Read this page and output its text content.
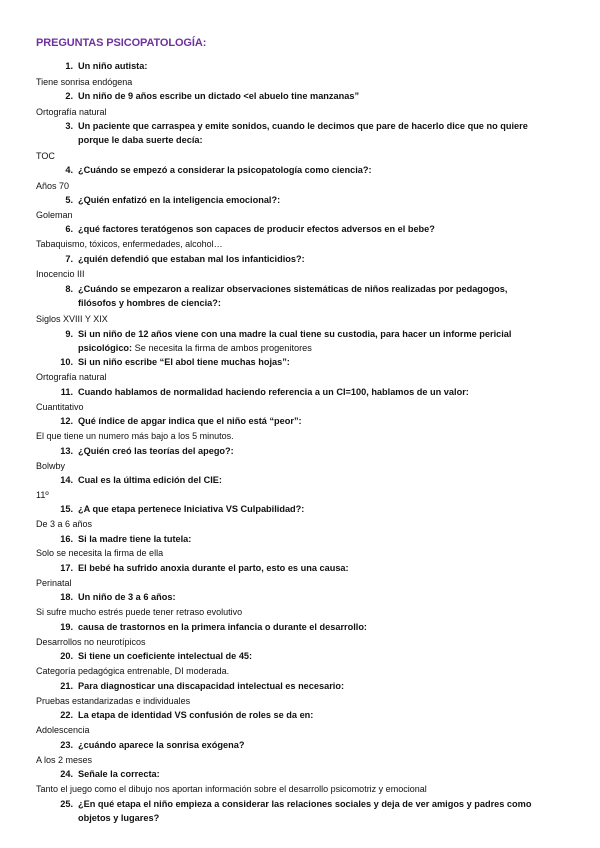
PREGUNTAS PSICOPATOLOGÍA:
1. Un niño autista:
Tiene sonrisa endógena
2. Un niño de 9 años escribe un dictado <el abuelo tine manzanas”
Ortografía natural
3. Un paciente que carraspea y emite sonidos, cuando le decimos que pare de hacerlo dice que no quiere porque le daba suerte decía:
TOC
4. ¿Cuándo se empezó a considerar la psicopatología como ciencia?:
Años 70
5. ¿Quién enfatizó en la inteligencia emocional?:
Goleman
6. ¿qué factores teratógenos son capaces de producir efectos adversos en el bebe?
Tabaquismo, tóxicos, enfermedades, alcohol…
7. ¿quién defendió que estaban mal los infanticidios?:
Inocencio III
8. ¿Cuándo se empezaron a realizar observaciones sistemáticas de niños realizadas por pedagogos, filósofos y hombres de ciencia?:
Siglos XVIII Y XIX
9. Si un niño de 12 años viene con una madre la cual tiene su custodia, para hacer un informe pericial psicológico: Se necesita la firma de ambos progenitores
10. Si un niño escribe “El abol tiene muchas hojas”:
Ortografía natural
11. Cuando hablamos de normalidad haciendo referencia a un CI=100, hablamos de un valor:
Cuantitativo
12. Qué índice de apgar indica que el niño está “peor”:
El que tiene un numero más bajo a los 5 minutos.
13. ¿Quién creó las teorías del apego?:
Bolwby
14. Cual es la última edición del CIE:
11º
15. ¿A que etapa pertenece Iniciativa VS Culpabilidad?:
De 3 a 6 años
16. Si la madre tiene la tutela:
Solo se necesita la firma de ella
17. El bebé ha sufrido anoxia durante el parto, esto es una causa:
Perinatal
18. Un niño de 3 a 6 años:
Si sufre mucho estrés puede tener retraso evolutivo
19. causa de trastornos en la primera infancia o durante el desarrollo:
Desarrollos no neurotípicos
20. Si tiene un coeficiente intelectual de 45:
Categoría pedagógica entrenable, DI moderada.
21. Para diagnosticar una discapacidad intelectual es necesario:
Pruebas estandarizadas e individuales
22. La etapa de identidad VS confusión de roles se da en:
Adolescencia
23. ¿cuándo aparece la sonrisa exógena?
A los 2 meses
24. Señale la correcta:
Tanto el juego como el dibujo nos aportan información sobre el desarrollo psicomotriz y emocional
25. ¿En qué etapa el niño empieza a considerar las relaciones sociales y deja de ver amigos y padres como objetos y lugares?
